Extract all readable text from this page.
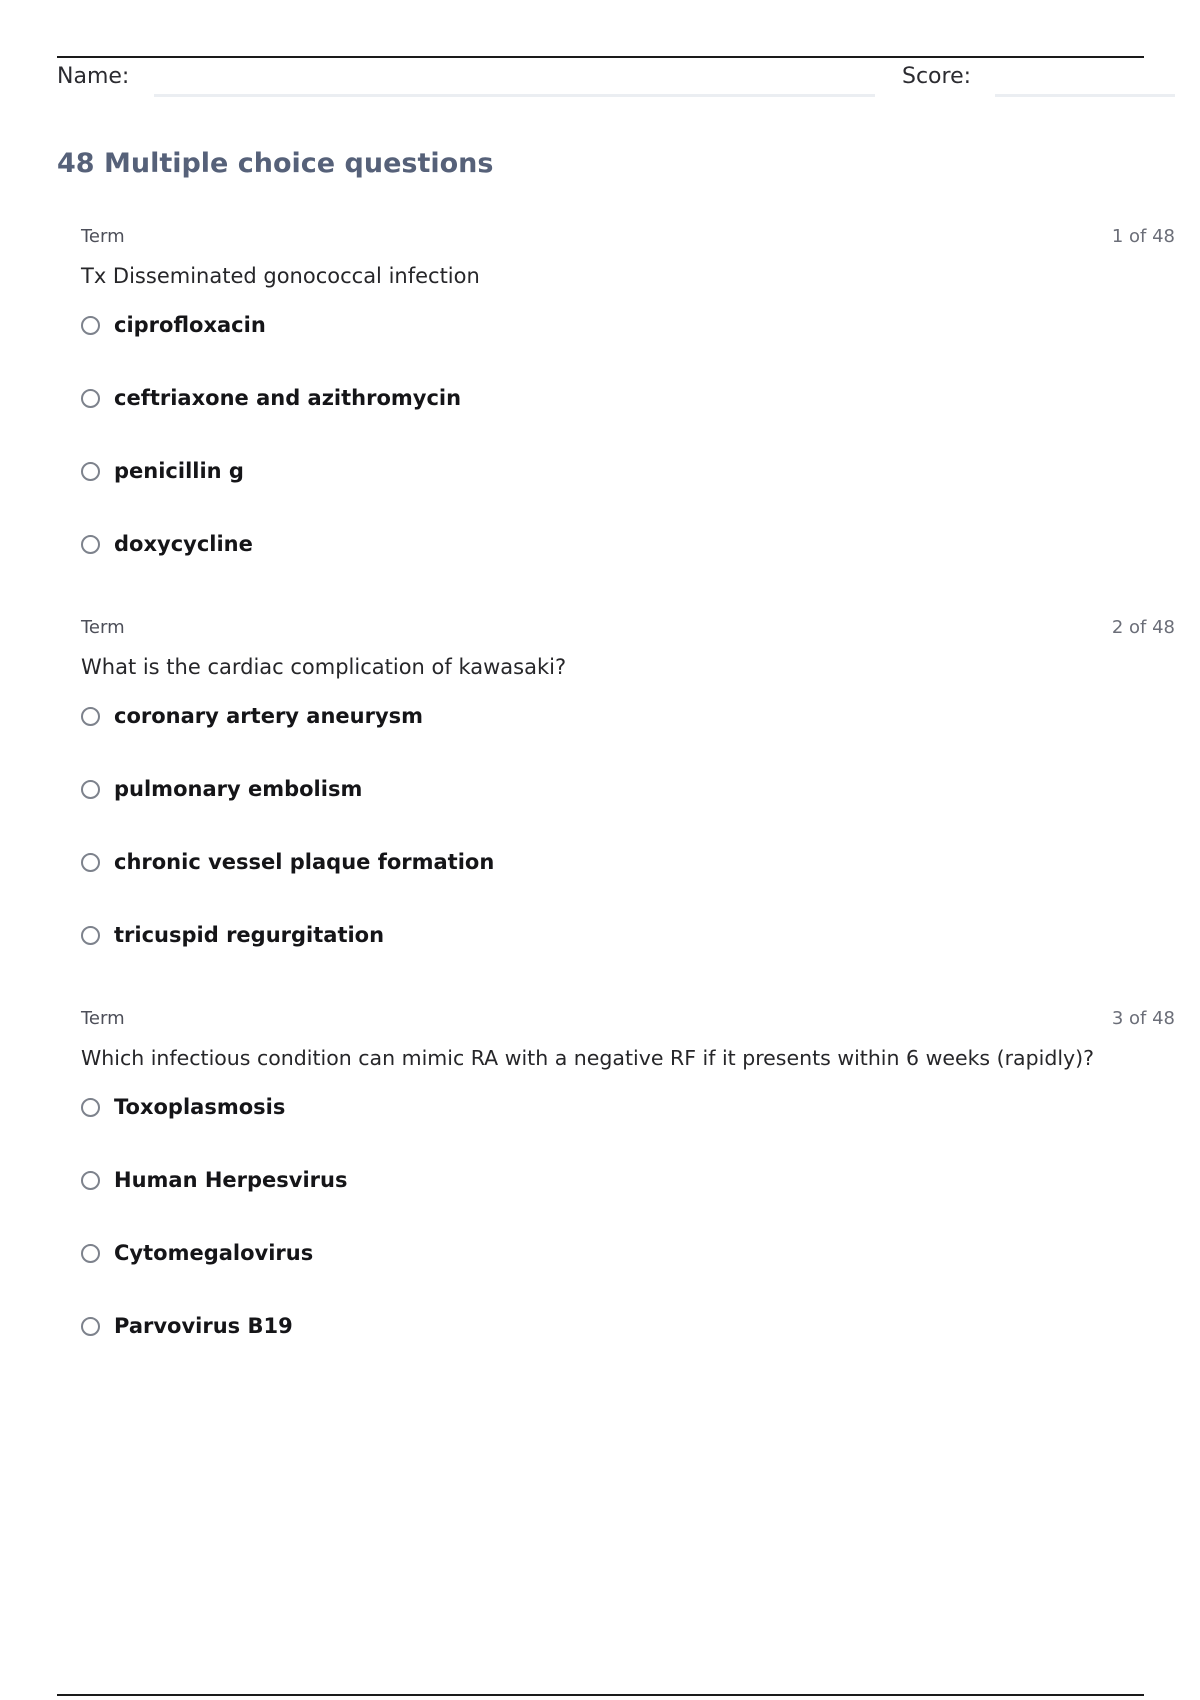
Name:	Score:
48 Multiple choice questions
Term	1 of 48
Tx Disseminated gonococcal infection
ciprofloxacin
ceftriaxone and azithromycin
penicillin g
doxycycline
Term	2 of 48
What is the cardiac complication of kawasaki?
coronary artery aneurysm
pulmonary embolism
chronic vessel plaque formation
tricuspid regurgitation
Term	3 of 48
Which infectious condition can mimic RA with a negative RF if it presents within 6 weeks (rapidly)?
Toxoplasmosis
Human Herpesvirus
Cytomegalovirus
Parvovirus B19
